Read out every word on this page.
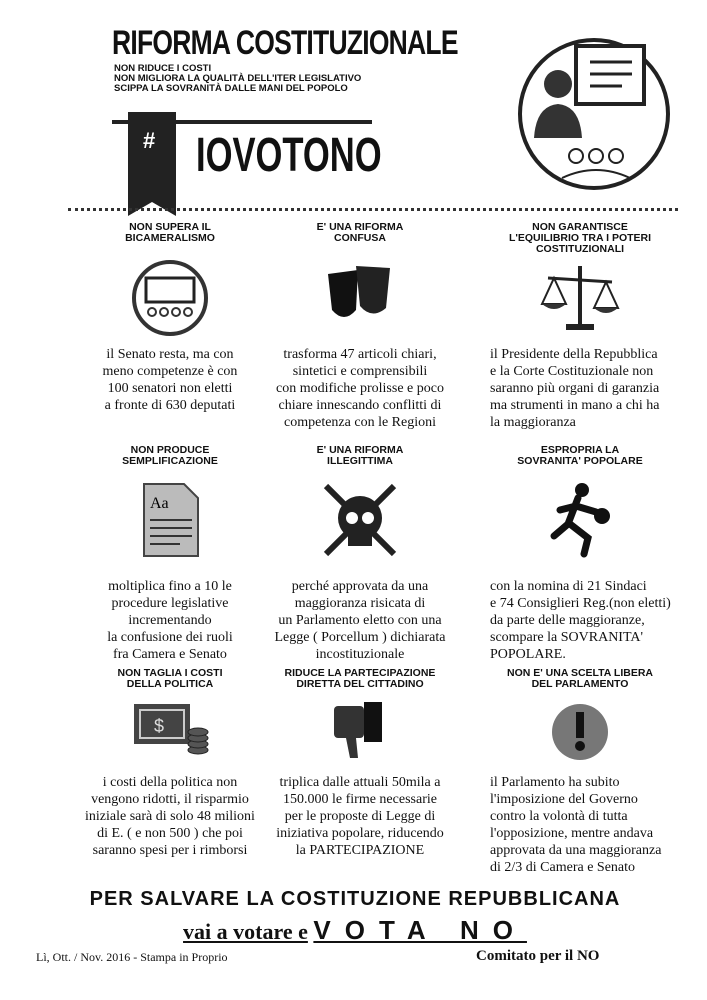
RIFORMA COSTITUZIONALE
NON RIDUCE I COSTI
NON MIGLIORA LA QUALITÀ DELL'ITER LEGISLATIVO
SCIPPA LA SOVRANITÀ DALLE MANI DEL POPOLO
# IOVOTONO
NON SUPERA IL
BICAMERALISMO
il Senato resta, ma con
meno competenze è con
100 senatori non eletti
a fronte di 630 deputati
E' UNA RIFORMA
CONFUSA
trasforma 47 articoli chiari,
sintetici e comprensibili
con modifiche prolisse e poco
chiare innescando conflitti di
competenza con le Regioni
NON GARANTISCE
L'EQUILIBRIO TRA I POTERI
COSTITUZIONALI
il Presidente della Repubblica
e la Corte Costituzionale non
saranno più organi di garanzia
ma strumenti in mano a chi ha
la maggioranza
NON PRODUCE
SEMPLIFICAZIONE
Aa
moltiplica fino a 10 le
procedure legislative
incrementando
la confusione dei ruoli
fra Camera e Senato
E' UNA RIFORMA
ILLEGITTIMA
perché approvata da una
maggioranza risicata di
un Parlamento eletto con una
Legge ( Porcellum ) dichiarata
incostituzionale
ESPROPRIA LA
SOVRANITA' POPOLARE
con la nomina di 21 Sindaci
e 74 Consiglieri Reg.(non eletti)
da parte delle maggioranze,
scompare la SOVRANITA'
POPOLARE.
NON TAGLIA I COSTI
DELLA POLITICA
$
i costi della politica non
vengono ridotti, il risparmio
iniziale sarà di solo 48 milioni
di E. ( e non 500 ) che poi
saranno spesi per i rimborsi
RIDUCE LA PARTECIPAZIONE
DIRETTA DEL CITTADINO
triplica dalle attuali 50mila a
150.000 le firme necessarie
per le proposte di Legge di
iniziativa popolare, riducendo
la PARTECIPAZIONE
NON E' UNA SCELTA LIBERA
DEL PARLAMENTO
il Parlamento ha subito
l'imposizione del Governo
contro la volontà di tutta
l'opposizione, mentre andava
approvata da una maggioranza
di 2/3 di Camera e Senato
PER SALVARE LA COSTITUZIONE REPUBBLICANA
vai a votare e VOTA NO
Lì, Ott. / Nov. 2016 - Stampa in Proprio	Comitato per il NO
